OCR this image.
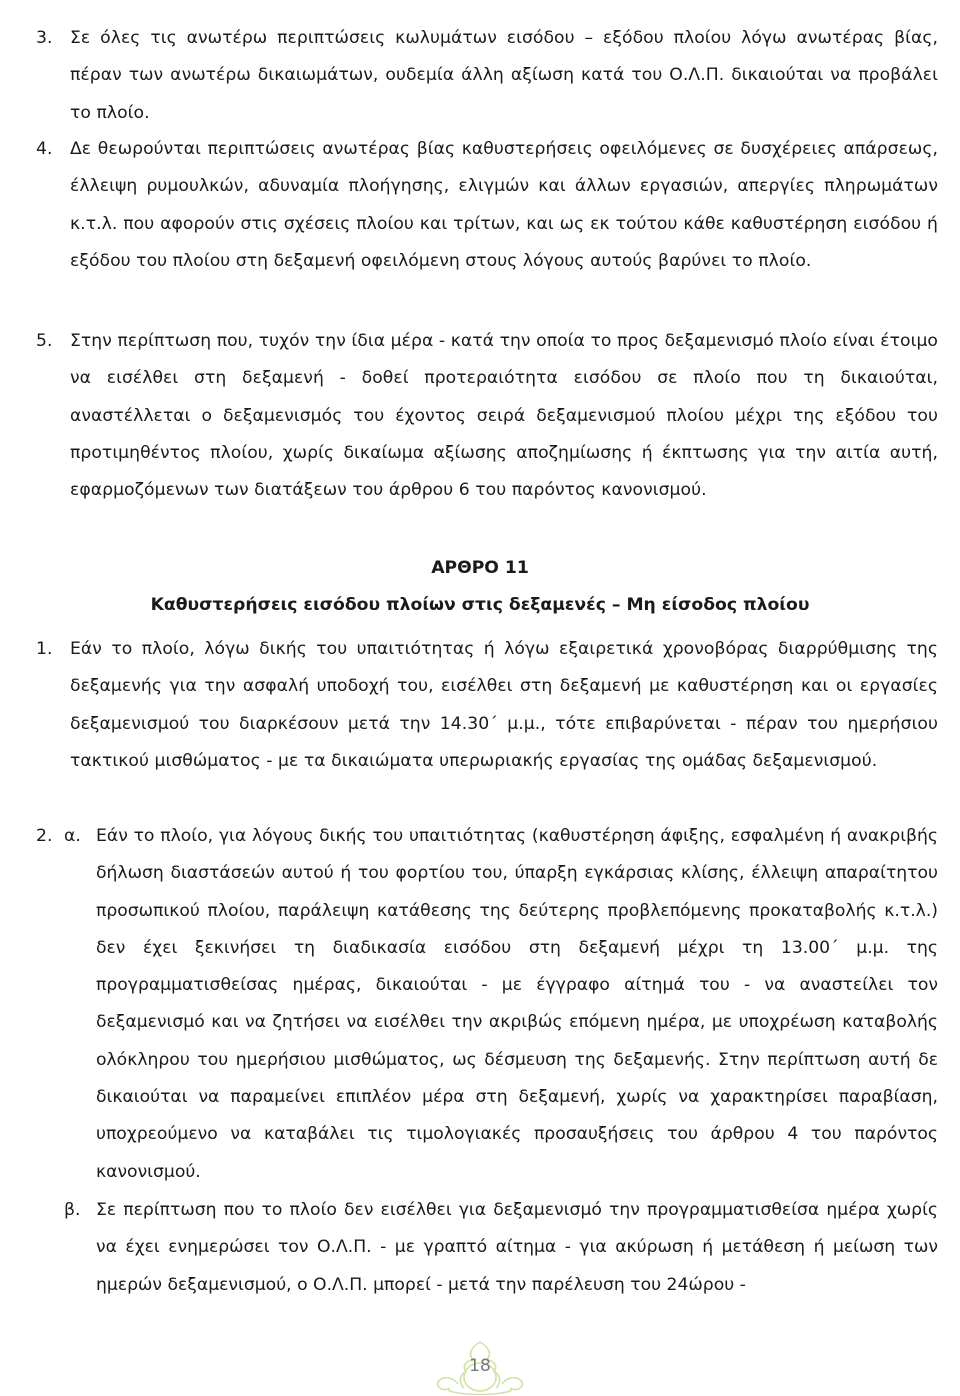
3.	Σε όλες τις ανωτέρω περιπτώσεις κωλυμάτων εισόδου – εξόδου πλοίου λόγω ανωτέρας βίας, πέραν των ανωτέρω δικαιωμάτων, ουδεμία άλλη αξίωση κατά του Ο.Λ.Π. δικαιούται να προβάλει το πλοίο.
4.	Δε θεωρούνται περιπτώσεις ανωτέρας βίας καθυστερήσεις οφειλόμενες σε δυσχέρειες απάρσεως, έλλειψη ρυμουλκών, αδυναμία πλοήγησης, ελιγμών και άλλων εργασιών, απεργίες πληρωμάτων κ.τ.λ. που αφορούν στις σχέσεις πλοίου και τρίτων, και ως εκ τούτου κάθε καθυστέρηση εισόδου ή εξόδου του πλοίου στη δεξαμενή οφειλόμενη στους λόγους αυτούς βαρύνει το πλοίο.
5.	Στην περίπτωση που, τυχόν την ίδια μέρα - κατά την οποία το προς δεξαμενισμό πλοίο είναι έτοιμο να εισέλθει στη δεξαμενή - δοθεί προτεραιότητα εισόδου σε πλοίο που τη δικαιούται, αναστέλλεται ο δεξαμενισμός του έχοντος σειρά δεξαμενισμού πλοίου μέχρι της εξόδου του προτιμηθέντος πλοίου, χωρίς δικαίωμα αξίωσης αποζημίωσης ή έκπτωσης για την αιτία αυτή, εφαρμοζόμενων των διατάξεων του άρθρου 6 του παρόντος κανονισμού.
ΑΡΘΡΟ 11
Καθυστερήσεις εισόδου πλοίων στις δεξαμενές – Μη είσοδος πλοίου
1.	Εάν το πλοίο, λόγω δικής του υπαιτιότητας ή λόγω εξαιρετικά χρονοβόρας διαρρύθμισης της δεξαμενής για την ασφαλή υποδοχή του, εισέλθει στη δεξαμενή με καθυστέρηση και οι εργασίες δεξαμενισμού του διαρκέσουν μετά την 14.30΄ μ.μ., τότε επιβαρύνεται - πέραν του ημερήσιου τακτικού μισθώματος - με τα δικαιώματα υπερωριακής εργασίας της ομάδας δεξαμενισμού.
2. α. Εάν το πλοίο, για λόγους δικής του υπαιτιότητας (καθυστέρηση άφιξης, εσφαλμένη ή ανακριβής δήλωση διαστάσεών αυτού ή του φορτίου του, ύπαρξη εγκάρσιας κλίσης, έλλειψη απαραίτητου προσωπικού πλοίου, παράλειψη κατάθεσης της δεύτερης προβλεπόμενης προκαταβολής κ.τ.λ.) δεν έχει ξεκινήσει τη διαδικασία εισόδου στη δεξαμενή μέχρι τη 13.00΄ μ.μ. της προγραμματισθείσας ημέρας, δικαιούται - με έγγραφο αίτημά του - να αναστείλει τον δεξαμενισμό και να ζητήσει να εισέλθει την ακριβώς επόμενη ημέρα, με υποχρέωση καταβολής ολόκληρου του ημερήσιου μισθώματος, ως δέσμευση της δεξαμενής. Στην περίπτωση αυτή δε δικαιούται να παραμείνει επιπλέον μέρα στη δεξαμενή, χωρίς να χαρακτηρίσει παραβίαση, υποχρεούμενο να καταβάλει τις τιμολογιακές προσαυξήσεις του άρθρου 4 του παρόντος κανονισμού.
β. Σε περίπτωση που το πλοίο δεν εισέλθει για δεξαμενισμό την προγραμματισθείσα ημέρα χωρίς να έχει ενημερώσει τον Ο.Λ.Π. - με γραπτό αίτημα - για ακύρωση ή μετάθεση ή μείωση των ημερών δεξαμενισμού, ο Ο.Λ.Π. μπορεί - μετά την παρέλευση του 24ώρου -
18
